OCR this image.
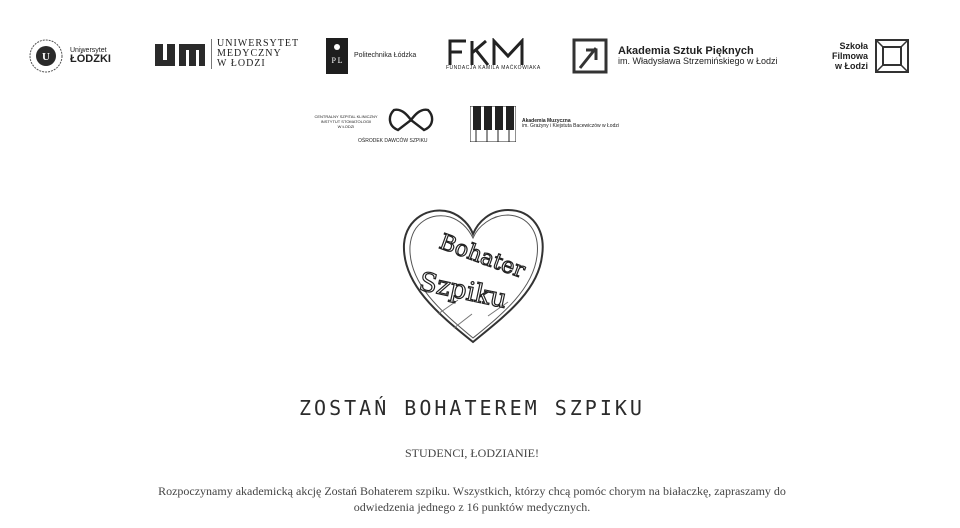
U
Uniwersytet
ŁÓDZKI
UNIWERSYTET
MEDYCZNY
W ŁODZI	P L
Politechnika Łódzka
FUNDACJA KAMILA MAĆKOWIAKA
Akademia Sztuk Pięknych
im. Władysława Strzemińskiego w Łodzi
Szkoła
Filmowa
w Łodzi
CENTRALNY SZPITAL KLINICZNY
INSTYTUT STOMATOLOGII
W ŁODZI
OŚRODEK DAWCÓW SZPIKU
Akademia Muzyczna
im. Grażyny i Kiejstuta Bacewiczów w Łodzi
Bohater
Szpiku
ZOSTAŃ BOHATEREM SZPIKU
STUDENCI, ŁODZIANIE!
Rozpoczynamy akademicką akcję Zostań Bohaterem szpiku. Wszystkich, którzy chcą pomóc chorym na białaczkę, zapraszamy do odwiedzenia jednego z 16 punktów medycznych.
